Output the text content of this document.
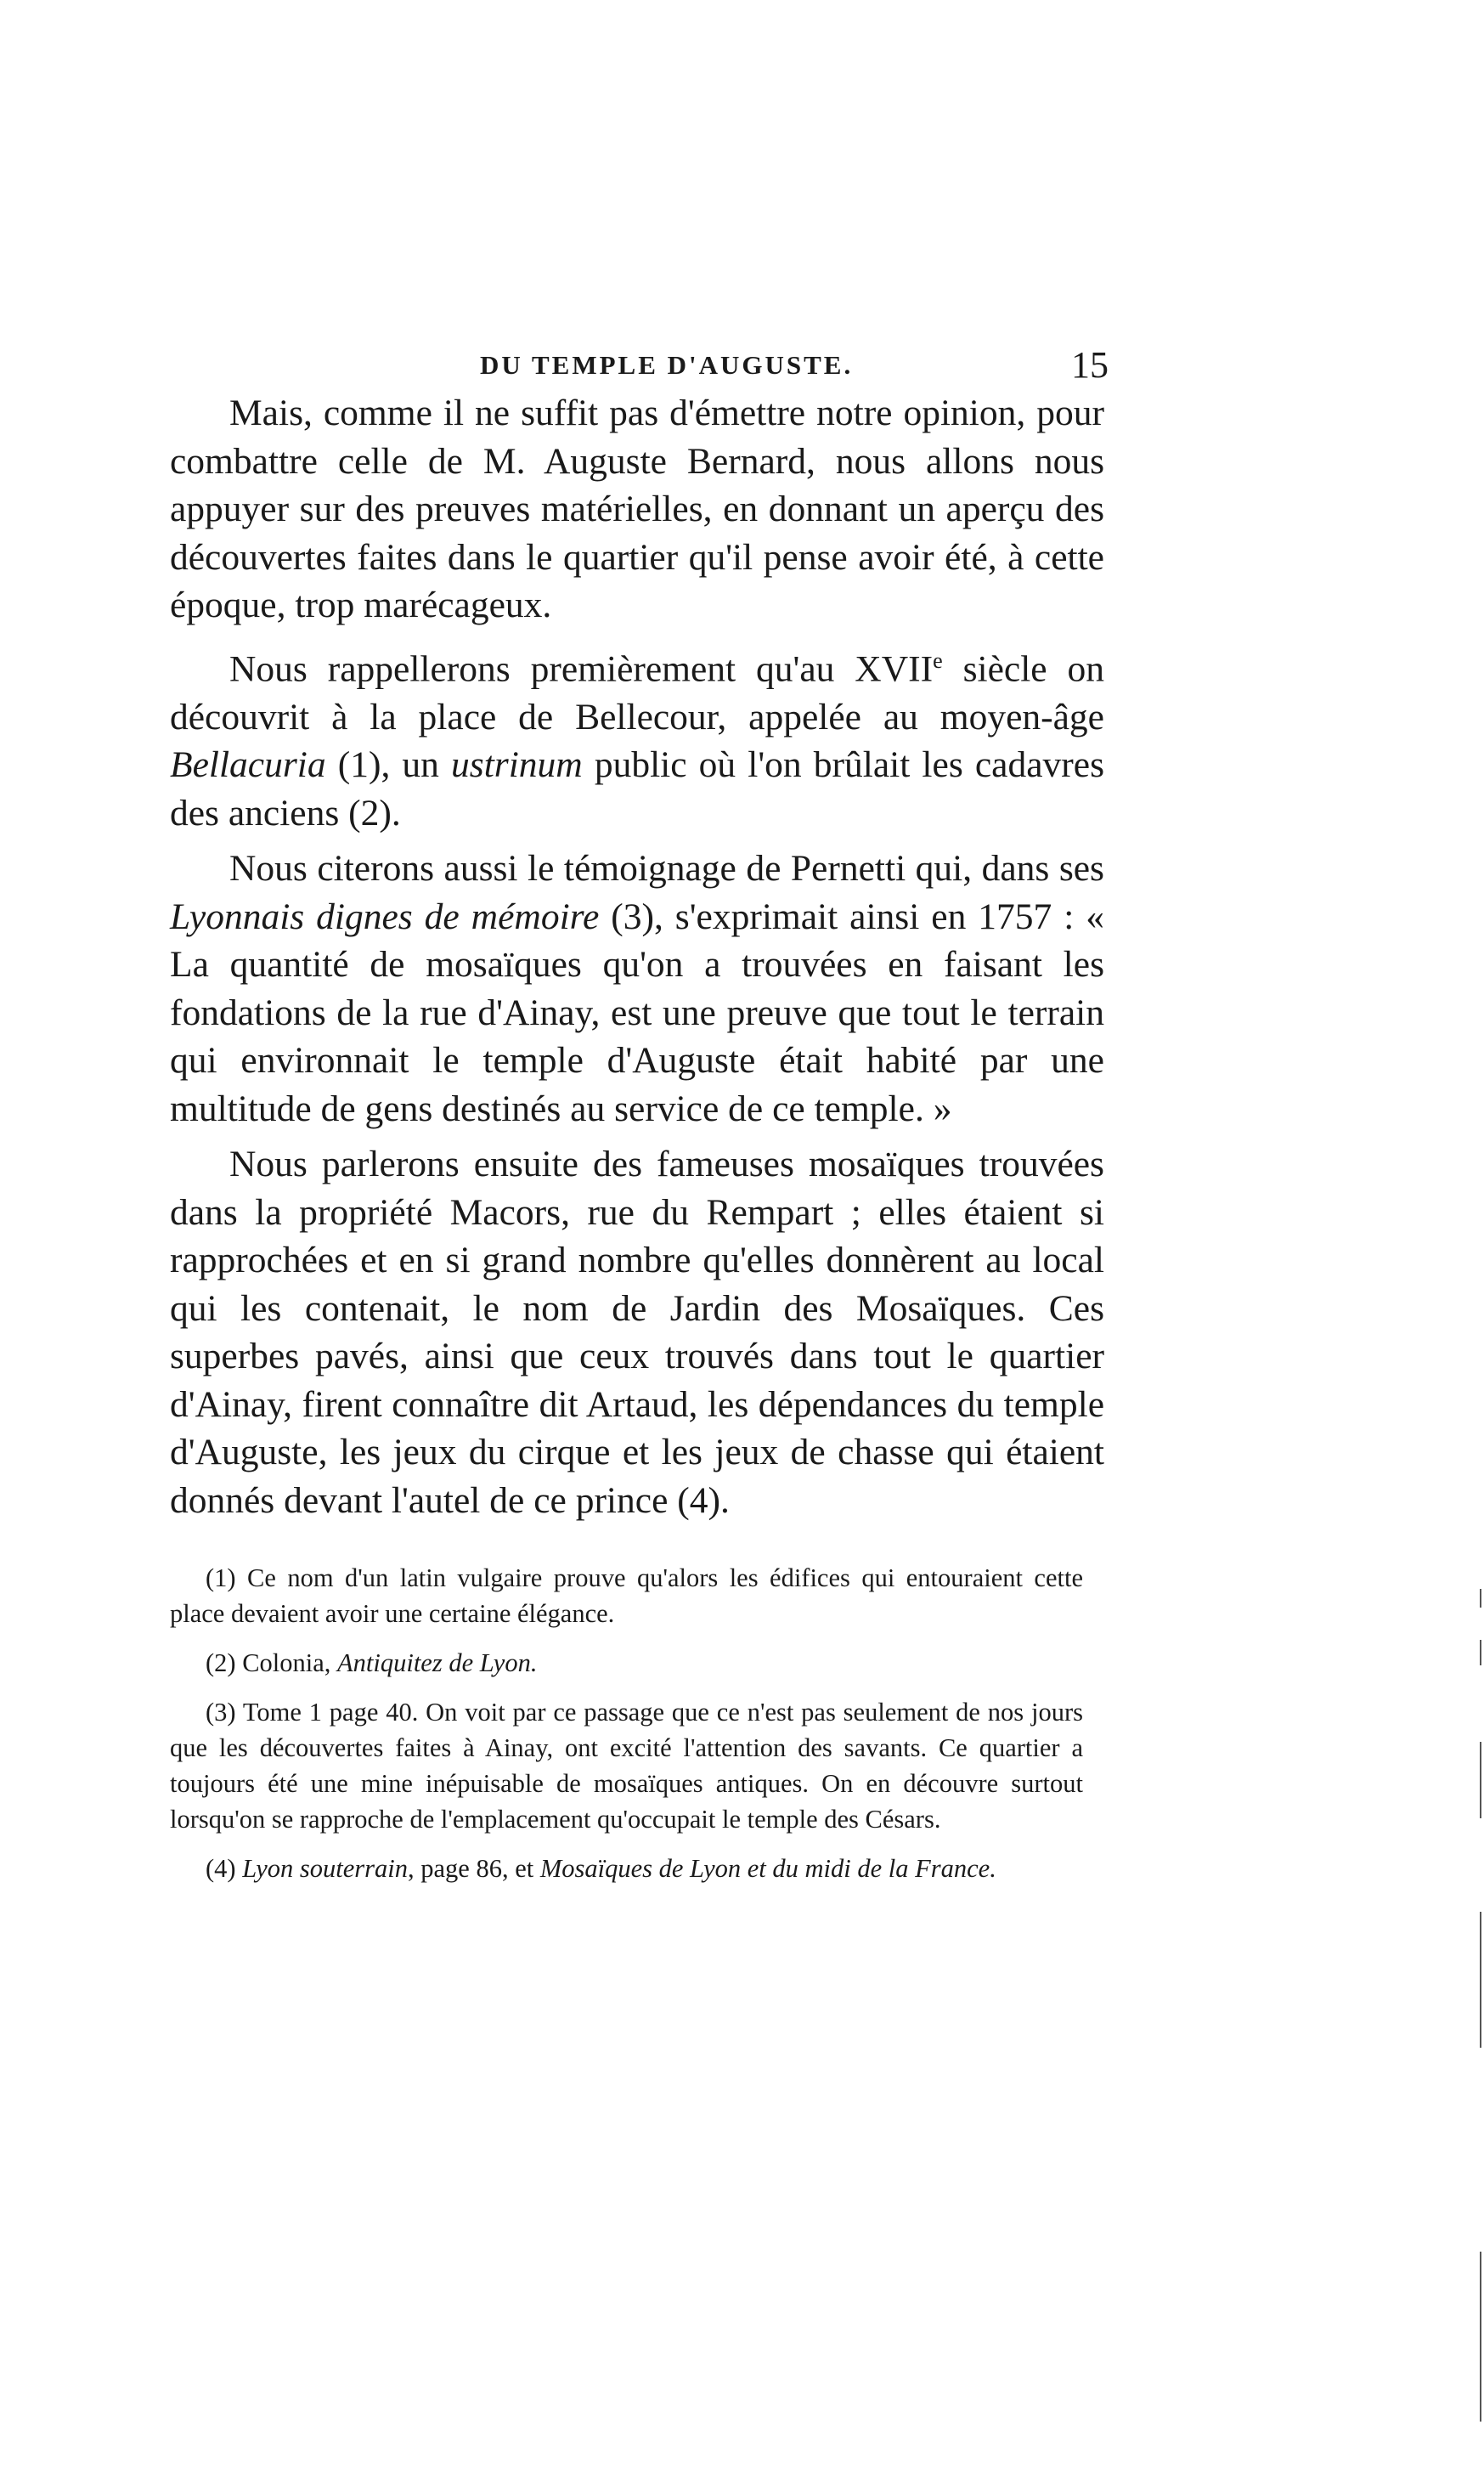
DU TEMPLE D'AUGUSTE.	15

Mais, comme il ne suffit pas d'émettre notre opinion, pour combattre celle de M. Auguste Bernard, nous allons nous appuyer sur des preuves matérielles, en donnant un aperçu des découvertes faites dans le quartier qu'il pense avoir été, à cette époque, trop marécageux.

Nous rappellerons premièrement qu'au XVIIe siècle on découvrit à la place de Bellecour, appelée au moyen-âge Bellacuria (1), un ustrinum public où l'on brûlait les cadavres des anciens (2).

Nous citerons aussi le témoignage de Pernetti qui, dans ses Lyonnais dignes de mémoire (3), s'exprimait ainsi en 1757 : « La quantité de mosaïques qu'on a trouvées en faisant les fondations de la rue d'Ainay, est une preuve que tout le terrain qui environnait le temple d'Auguste était habité par une multitude de gens destinés au service de ce temple. »

Nous parlerons ensuite des fameuses mosaïques trouvées dans la propriété Macors, rue du Rempart ; elles étaient si rapprochées et en si grand nombre qu'elles donnèrent au local qui les contenait, le nom de Jardin des Mosaïques. Ces superbes pavés, ainsi que ceux trouvés dans tout le quartier d'Ainay, firent connaître dit Artaud, les dépendances du temple d'Auguste, les jeux du cirque et les jeux de chasse qui étaient donnés devant l'autel de ce prince (4).

(1) Ce nom d'un latin vulgaire prouve qu'alors les édifices qui entouraient cette place devaient avoir une certaine élégance.

(2) Colonia, Antiquitez de Lyon.

(3) Tome 1 page 40. On voit par ce passage que ce n'est pas seulement de nos jours que les découvertes faites à Ainay, ont excité l'attention des savants. Ce quartier a toujours été une mine inépuisable de mosaïques antiques. On en découvre surtout lorsqu'on se rapproche de l'emplacement qu'occupait le temple des Césars.

(4) Lyon souterrain, page 86, et Mosaïques de Lyon et du midi de la France.
